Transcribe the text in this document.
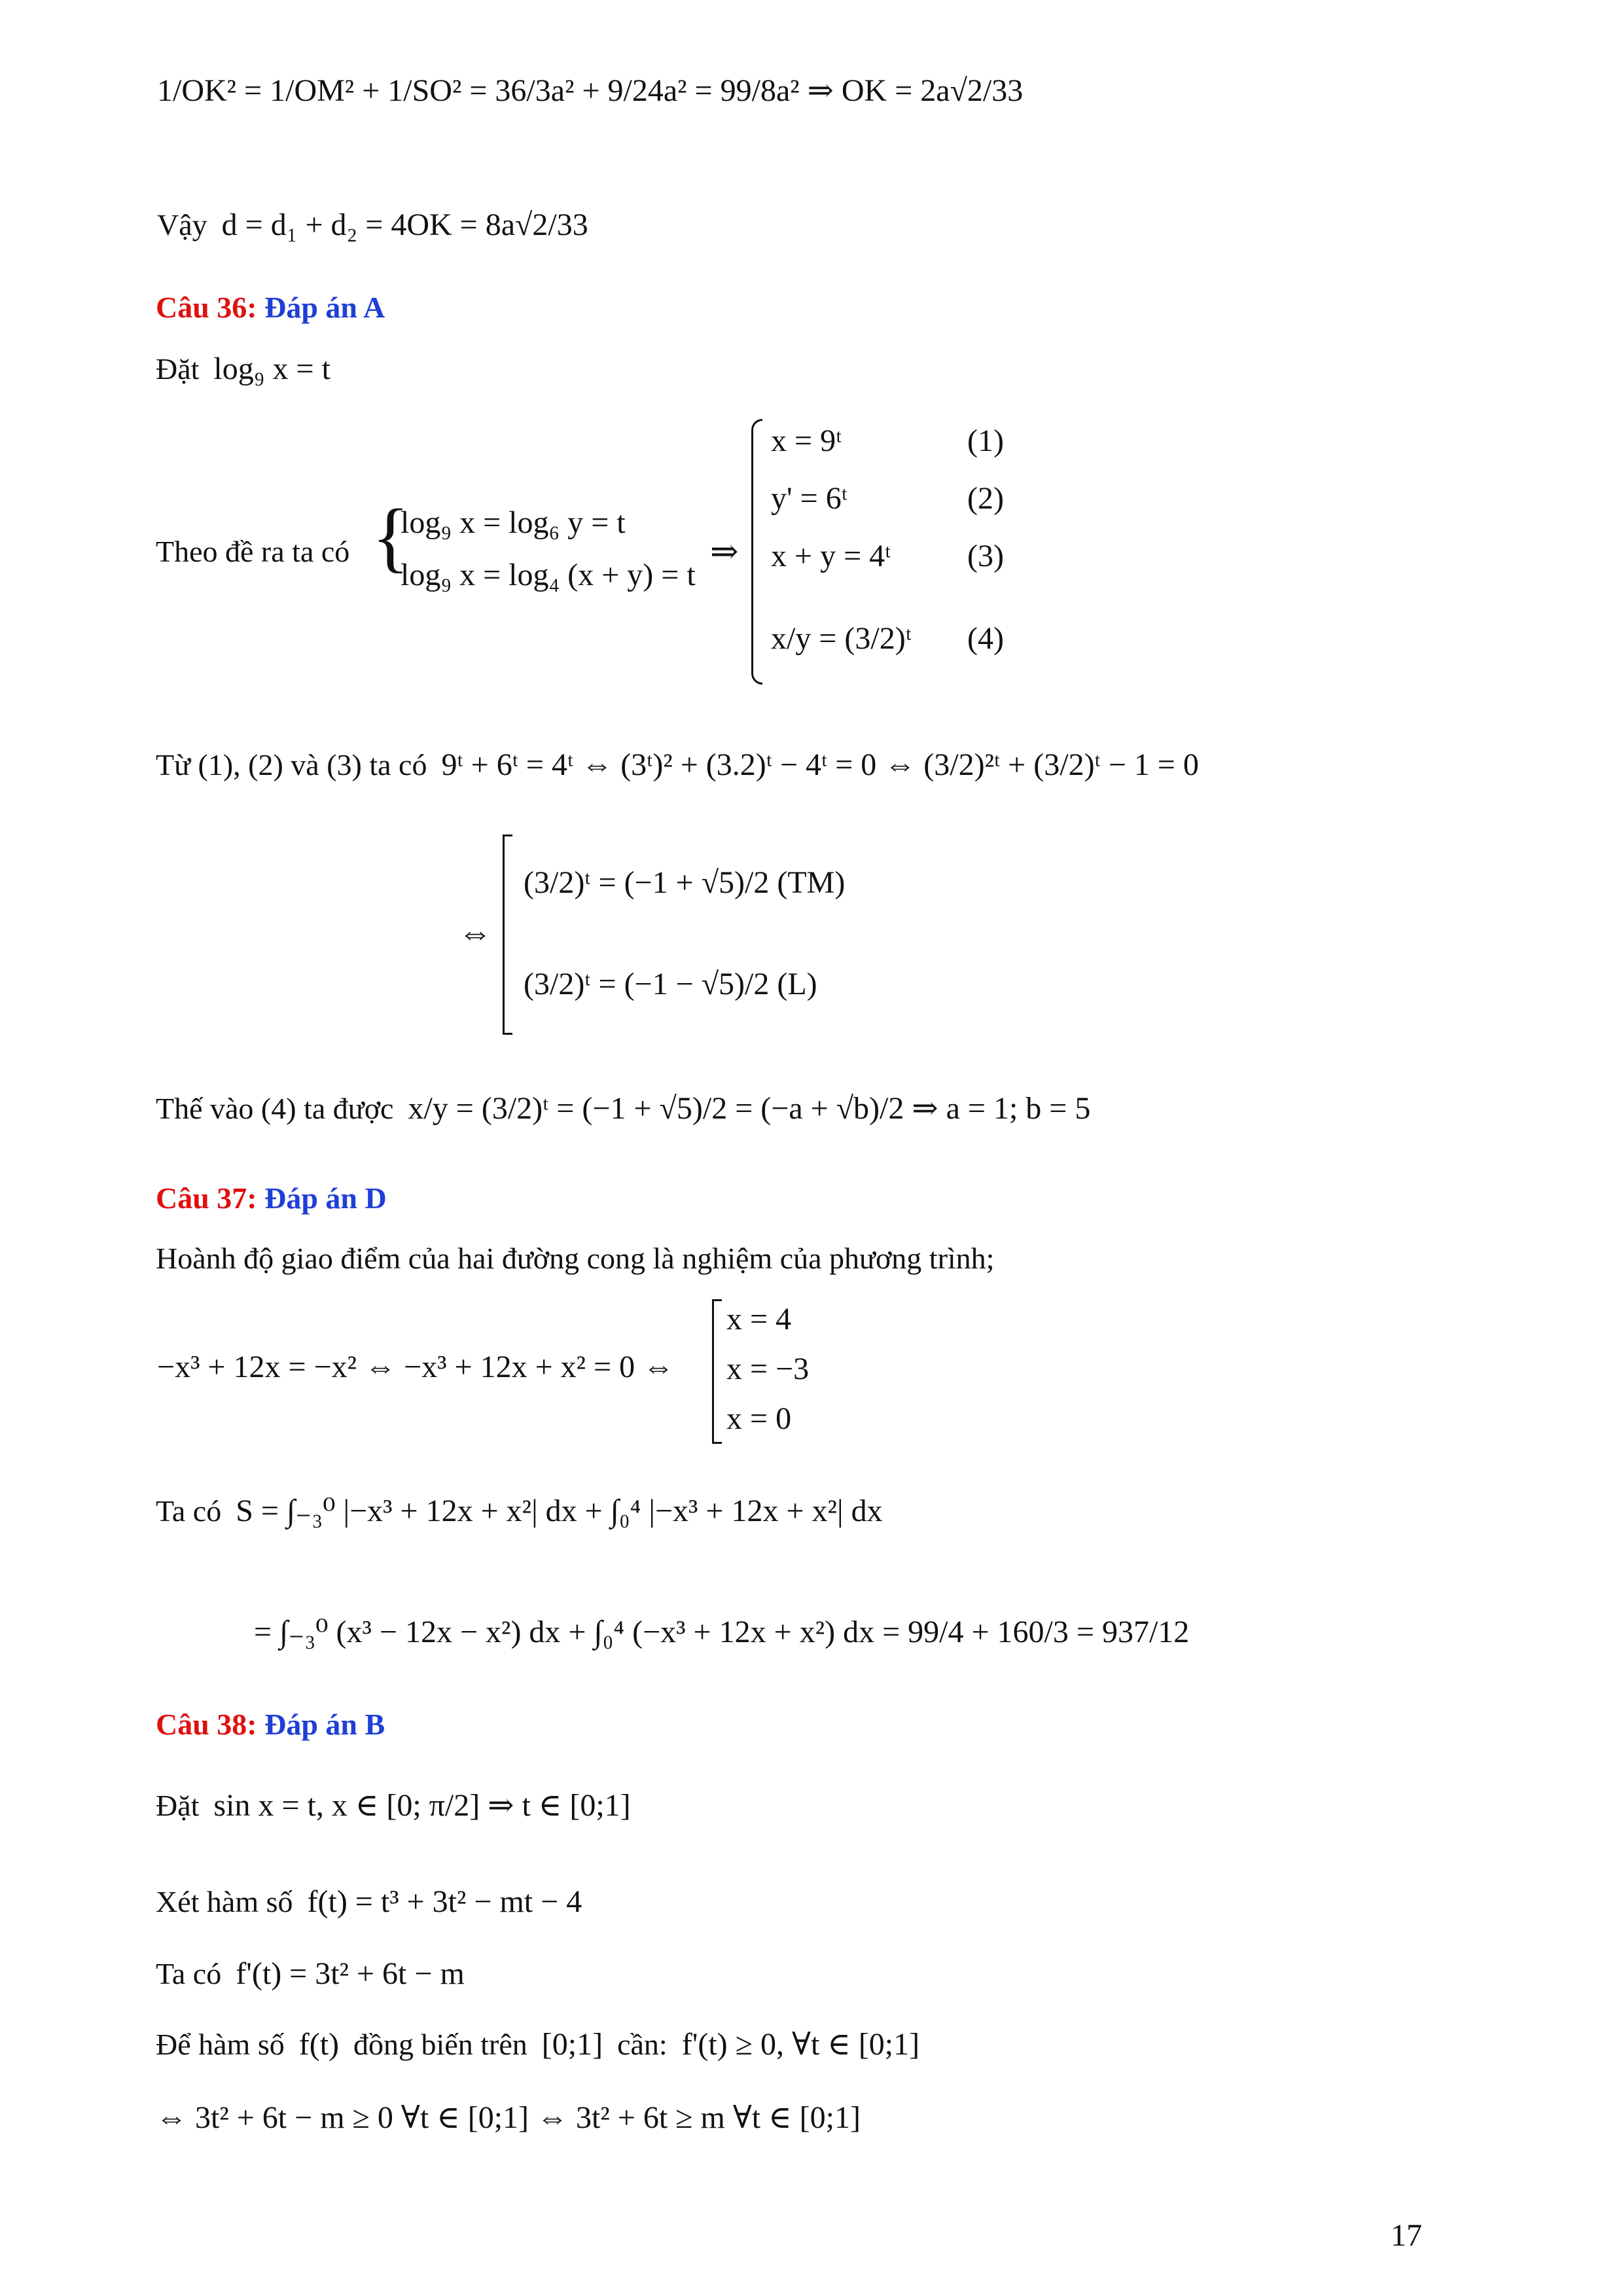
1/OK² = 1/OM² + 1/SO² = 36/3a² + 9/24a² = 99/8a² ⇒ OK = 2a√2/33
Vậy d = d₁ + d₂ = 4OK = 8a√2/33
Câu 36: Đáp án A
Đặt log₉ x = t
Theo đề ra ta có {
log₉ x = log₆ y = t
log₉ x = log₄ (x + y) = t
⇒
x = 9ᵗ
y' = 6ᵗ
x + y = 4ᵗ
x/y = (3/2)ᵗ
(1)
(2)
(3)
(4)
Từ (1), (2) và (3) ta có 9ᵗ + 6ᵗ = 4ᵗ ⇔ (3ᵗ)² + (3.2)ᵗ − 4ᵗ = 0 ⇔ (3/2)²ᵗ + (3/2)ᵗ − 1 = 0
⇔
(3/2)ᵗ = (−1 + √5)/2 (TM)
(3/2)ᵗ = (−1 − √5)/2 (L)
Thế vào (4) ta được x/y = (3/2)ᵗ = (−1 + √5)/2 = (−a + √b)/2 ⇒ a = 1; b = 5
Câu 37: Đáp án D
Hoành độ giao điểm của hai đường cong là nghiệm của phương trình;
−x³ + 12x = −x² ⇔ −x³ + 12x + x² = 0 ⇔
x = 4
x = −3
x = 0
Ta có S = ∫₋₃⁰ |−x³ + 12x + x²| dx + ∫₀⁴ |−x³ + 12x + x²| dx
= ∫₋₃⁰ (x³ − 12x − x²) dx + ∫₀⁴ (−x³ + 12x + x²) dx = 99/4 + 160/3 = 937/12
Câu 38: Đáp án B
Đặt sin x = t, x ∈ [0; π/2] ⇒ t ∈ [0;1]
Xét hàm số f(t) = t³ + 3t² − mt − 4
Ta có f'(t) = 3t² + 6t − m
Để hàm số f(t) đồng biến trên [0;1] cần: f'(t) ≥ 0, ∀t ∈ [0;1]
⇔ 3t² + 6t − m ≥ 0 ∀t ∈ [0;1] ⇔ 3t² + 6t ≥ m ∀t ∈ [0;1]
17
